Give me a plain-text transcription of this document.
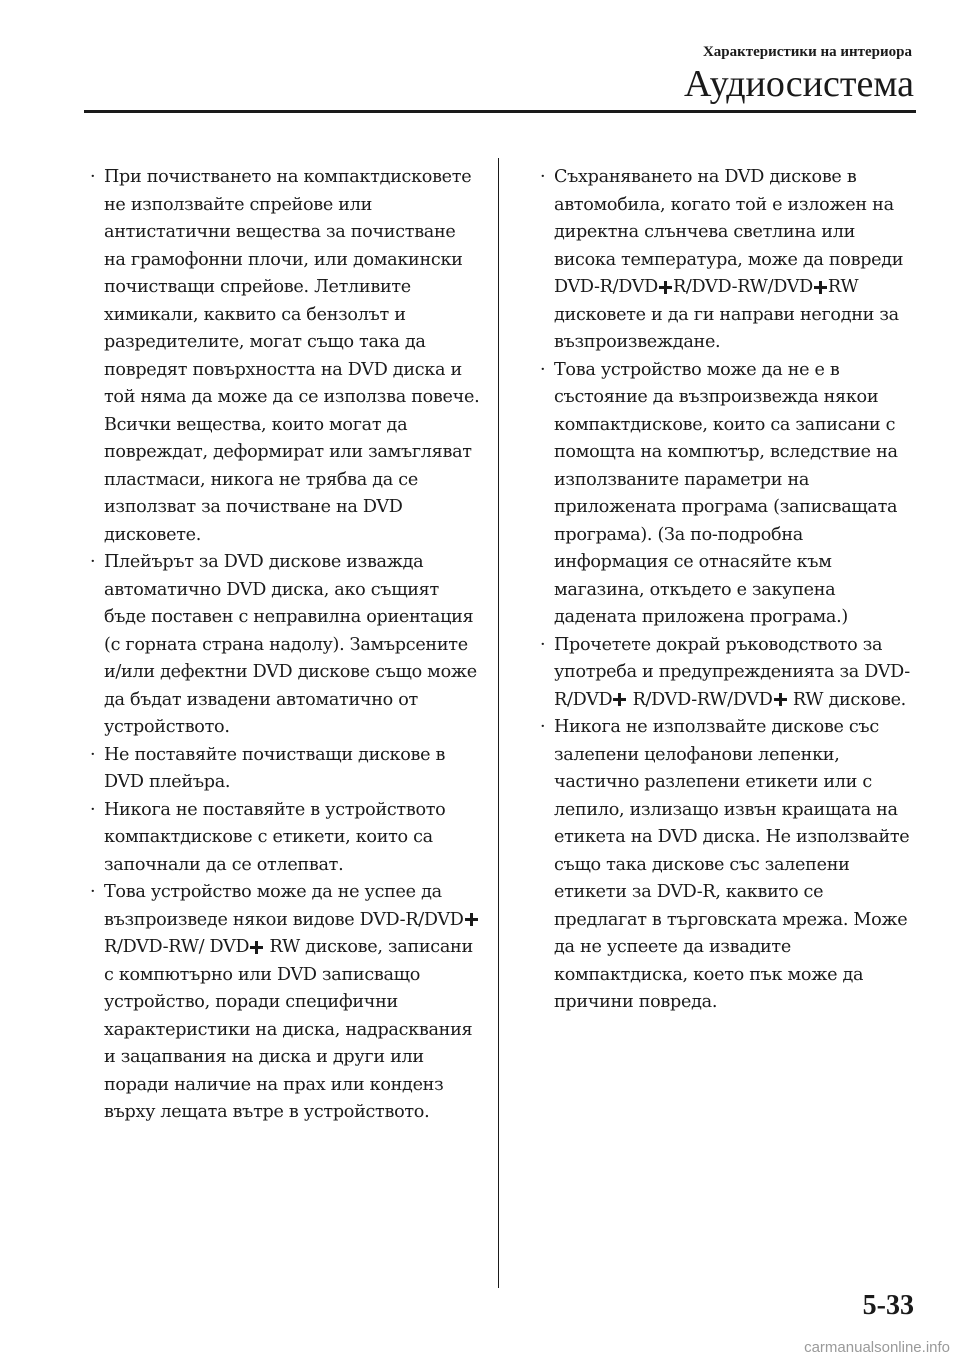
Характеристики на интериора
Аудиосистема

· При почистването на компактдисковете не използвайте спрейове или антистатични вещества за почистване на грамофонни плочи, или домакински почистващи спрейове. Летливите химикали, каквито са бензолът и разредителите, могат също така да повредят повърхността на DVD диска и той няма да може да се използва повече. Всички вещества, които могат да повреждат, деформират или замъгляват пластмаси, никога не трябва да се използват за почистване на DVD дисковете.

· Плейърът за DVD дискове изважда автоматично DVD диска, ако същият бъде поставен с неправилна ориентация (с горната страна надолу). Замърсените и/или дефектни DVD дискове също може да бъдат извадени автоматично от устройството.

· Не поставяйте почистващи дискове в DVD плейъра.

· Никога не поставяйте в устройството компактдискове с етикети, които са започнали да се отлепват.

· Това устройство може да не успее да възпроизведе някои видове DVD-R/DVD R/DVD-RW/ DVD RW дискове, записани с компютърно или DVD записващо устройство, поради специфични характеристики на диска, надрасквания и зацапвания на диска и други или поради наличие на прах или конденз върху лещата вътре в устройството.

· Съхраняването на DVD дискове в автомобила, когато той е изложен на директна слънчева светлина или висока температура, може да повреди DVD-R/DVD R/DVD-RW/DVD RW дисковете и да ги направи негодни за възпроизвеждане.

· Това устройство може да не е в състояние да възпроизвежда някои компактдискове, които са записани с помощта на компютър, вследствие на използваните параметри на приложената програма (записващата програма). (За по-подробна информация се отнасяйте към магазина, откъдето е закупена дадената приложена програма.)

· Прочетете докрай ръководството за употреба и предупрежденията за DVD-R/DVD R/DVD-RW/DVD RW дискове.

· Никога не използвайте дискове със залепени целофанови лепенки, частично разлепени етикети или с лепило, излизащо извън краищата на етикета на DVD диска. Не използвайте също така дискове със залепени етикети за DVD-R, каквито се предлагат в търговската мрежа. Може да не успеете да извадите компактдиска, което пък може да причини повреда.

5-33
carmanualsonline.info
